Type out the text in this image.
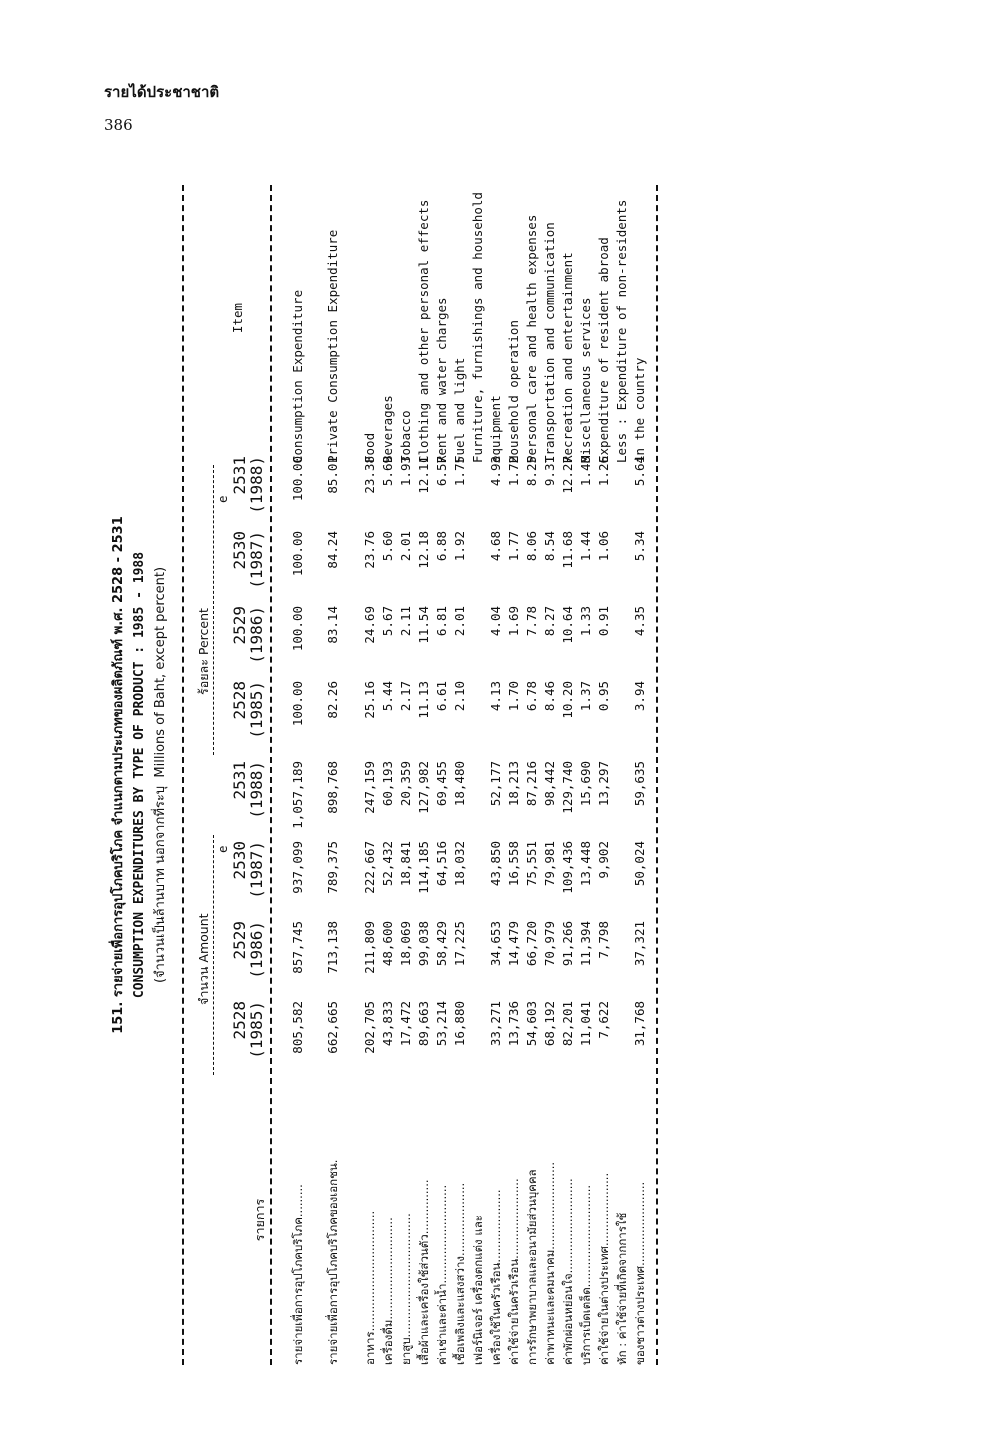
รายได้ประชาชาติ
386
151. รายจ่ายเพื่อการอุปโภคบริโภค จำแนกตามประเภทของผลิตภัณฑ์ พ.ศ. 2528 - 2531 CONSUMPTION EXPENDITURES BY TYPE OF PRODUCT : 1985 - 1988 (จำนวนเป็นล้านบาท นอกจากที่ระบุ  Millions of Baht, except percent)
รายการ
จำนวน Amount
ร้อยละ Percent
Item
e
e
2528
(1985)
2528
(1985)
2529
(1986)
2529
(1986)
2530
(1987)
2530
(1987)
2531
(1988)
2531
(1988)
รายจ่ายเพื่อการอุปโภคบริโภค.........
805,582
857,745
937,099
1,057,189
100.00
100.00
100.00
100.00
Consumption Expenditure
รายจ่ายเพื่อการอุปโภคบริโภคของเอกชน.
662,665
713,138
789,375
898,768
82.26
83.14
84.24
85.01
Private Consumption Expenditure
อาหาร.................................
202,705
211,809
222,667
247,159
25.16
24.69
23.76
23.38
Food
เครื่องดื่ม............................
43,833
48,600
52,432
60,193
5.44
5.67
5.60
5.69
Beverages
ยาสูบ..................................
17,472
18,069
18,841
20,359
2.17
2.11
2.01
1.93
Tobacco
เสื้อผ้าและเครื่องใช้ส่วนตัว...............
89,663
99,038
114,185
127,982
11.13
11.54
12.18
12.11
Clothing and other personal effects
ค่าเช่าและค่าน้ำ...........................
53,214
58,429
64,516
69,455
6.61
6.81
6.88
6.57
Rent and water charges
เชื้อเพลิงและแสงสว่าง....................
16,880
17,225
18,032
18,480
2.10
2.01
1.92
1.75
Fuel and light
เฟอร์นิเจอร์ เครื่องตกแต่ง และ
Furniture, furnishings and household
เครื่องใช้ในครัวเรือน....................
33,271
34,653
43,850
52,177
4.13
4.04
4.68
4.93
equipment
ค่าใช้จ่ายในครัวเรือน......................
13,736
14,479
16,558
18,213
1.70
1.69
1.77
1.72
Household operation
การรักษาพยาบาลและอนามัยส่วนบุคคล
54,603
66,720
75,551
87,216
6.78
7.78
8.06
8.25
Personal care and health expenses
ค่าพาหนะและคมนาคม........................
68,192
70,979
79,981
98,442
8.46
8.27
8.54
9.31
Transportation and communication
ค่าพักผ่อนหย่อนใจ..........................
82,201
91,266
109,436
129,740
10.20
10.64
11.68
12.27
Recreation and entertainment
บริการเบ็ดเตล็ด............................
11,041
11,394
13,448
15,690
1.37
1.33
1.44
1.48
Miscellaneous services
ค่าใช้จ่ายในต่างประเทศ....................
7,622
7,798
9,902
13,297
0.95
0.91
1.06
1.26
Expenditure of resident abroad
หัก : ค่าใช้จ่ายที่เกิดจากการใช้
Less : Expenditure of non-residents
ของชาวต่างประเทศ.......................
31,768
37,321
50,024
59,635
3.94
4.35
5.34
5.64
in the country
